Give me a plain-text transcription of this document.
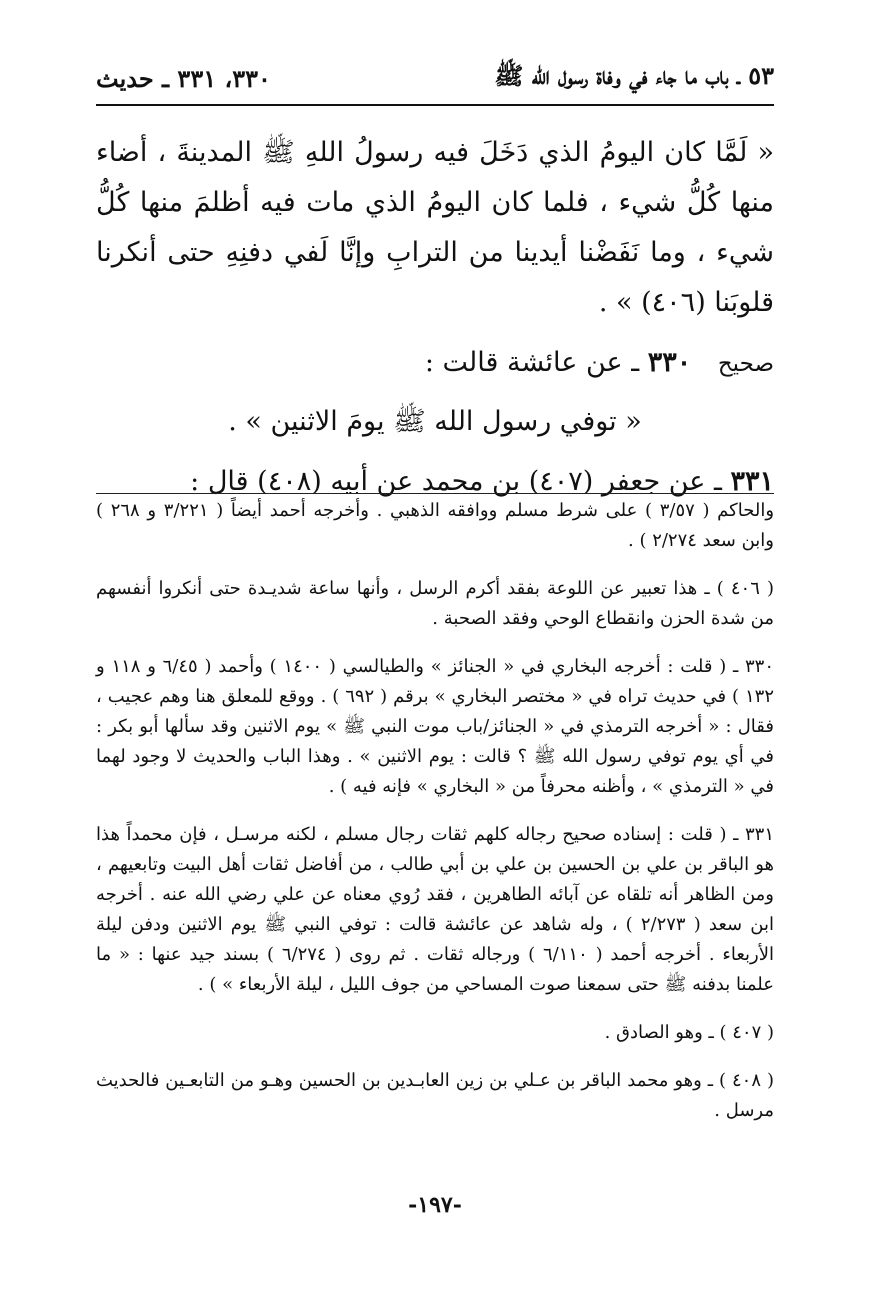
٣٣٠، ٣٣١ ـ حديث	٥٣ ـ باب ما جاء في وفاة رسول الله ﷺ

« لَمَّا كان اليومُ الذي دَخَلَ فيه رسولُ اللهِ ﷺ المدينةَ ، أضاء منها كُلُّ شيء ، فلما كان اليومُ الذي مات فيه أظلمَ منها كُلُّ شيء ، وما نَفَضْنا أيدينا من الترابِ وإنَّا لَفي دفنِهِ حتى أنكرنا قلوبَنا (٤٠٦) » .

صحيح ٣٣٠ ـ عن عائشة قالت :

« توفي رسول الله ﷺ يومَ الاثنين » .

٣٣١ ـ عن جعفر (٤٠٧) بن محمد عن أبيه (٤٠٨) قال :

والحاكم ( ٣/٥٧ ) على شرط مسلم ووافقه الذهبي . وأخرجه أحمد أيضاً ( ٣/٢٢١ و ٢٦٨ ) وابن سعد ٢/٢٧٤ ) .

( ٤٠٦ ) ـ هذا تعبير عن اللوعة بفقد أكرم الرسل ، وأنها ساعة شديـدة حتى أنكروا أنفسهم من شدة الحزن وانقطاع الوحي وفقد الصحبة .

٣٣٠ ـ ( قلت : أخرجه البخاري في « الجنائز » والطيالسي ( ١٤٠٠ ) وأحمد ( ٦/٤٥ و ١١٨ و ١٣٢ ) في حديث تراه في « مختصر البخاري » برقم ( ٦٩٢ ) . ووقع للمعلق هنا وهم عجيب ، فقال : « أخرجه الترمذي في « الجنائز/باب موت النبي ﷺ » يوم الاثنين وقد سألها أبو بكر : في أي يوم توفي رسول الله ﷺ ؟ قالت : يوم الاثنين » . وهذا الباب والحديث لا وجود لهما في « الترمذي » ، وأظنه محرفاً من « البخاري » فإنه فيه ) .

٣٣١ ـ ( قلت : إسناده صحيح رجاله كلهم ثقات رجال مسلم ، لكنه مرسـل ، فإن محمداً هذا هو الباقر بن علي بن الحسين بن علي بن أبي طالب ، من أفاضل ثقات أهل البيت وتابعيهم ، ومن الظاهر أنه تلقاه عن آبائه الطاهرين ، فقد رُوي معناه عن علي رضي الله عنه . أخرجه ابن سعد ( ٢/٢٧٣ ) ، وله شاهد عن عائشة قالت : توفي النبي ﷺ يوم الاثنين ودفن ليلة الأربعاء . أخرجه أحمد ( ٦/١١٠ ) ورجاله ثقات . ثم روى ( ٦/٢٧٤ ) بسند جيد عنها : « ما علمنا بدفنه ﷺ حتى سمعنا صوت المساحي من جوف الليل ، ليلة الأربعاء » ) .

( ٤٠٧ ) ـ وهو الصادق .

( ٤٠٨ ) ـ وهو محمد الباقر بن عـلي بن زين العابـدين بن الحسين وهـو من التابعـين فالحديث مرسل .

-١٩٧-
